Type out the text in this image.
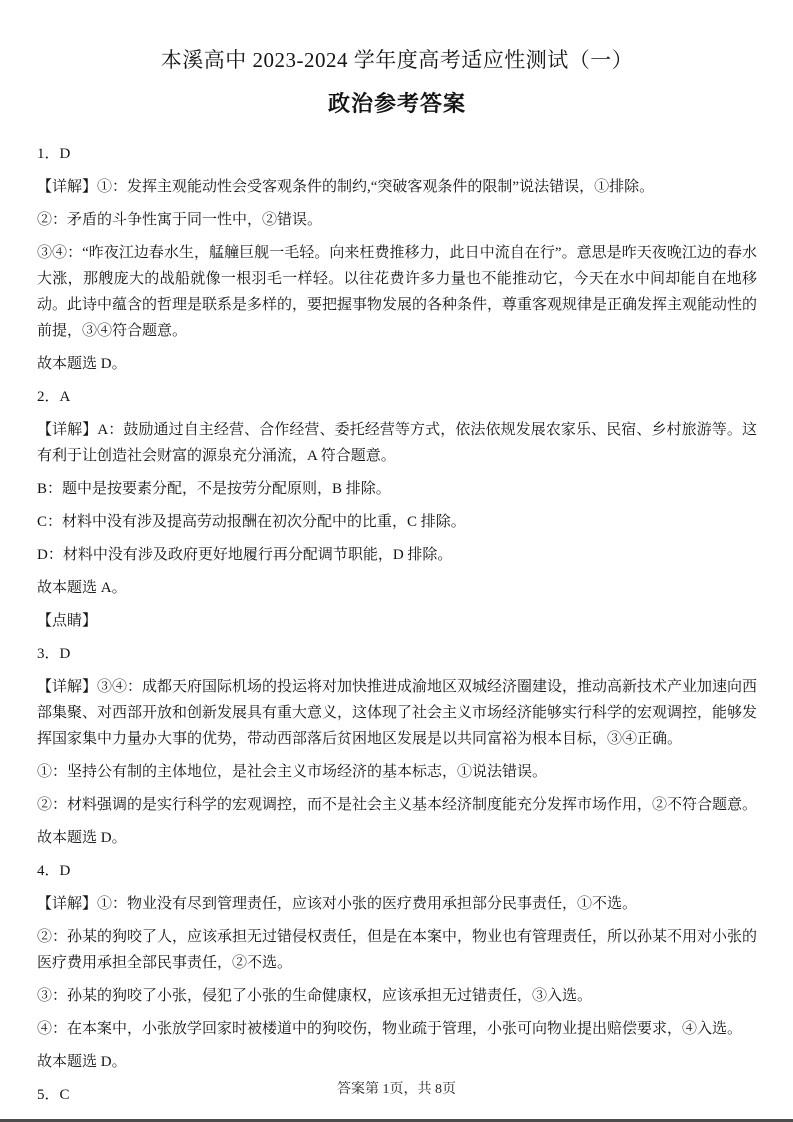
本溪高中 2023-2024 学年度高考适应性测试（一）
政治参考答案

1．D

【详解】①：发挥主观能动性会受客观条件的制约,“突破客观条件的限制”说法错误，①排除。

②：矛盾的斗争性寓于同一性中，②错误。

③④：“昨夜江边春水生，艋艟巨舰一毛轻。向来枉费推移力，此日中流自在行”。意思是昨天夜晚江边的春水大涨，那艘庞大的战船就像一根羽毛一样轻。以往花费许多力量也不能推动它，今天在水中间却能自在地移动。此诗中蕴含的哲理是联系是多样的，要把握事物发展的各种条件，尊重客观规律是正确发挥主观能动性的前提，③④符合题意。

故本题选 D。

2．A

【详解】A：鼓励通过自主经营、合作经营、委托经营等方式，依法依规发展农家乐、民宿、乡村旅游等。这有利于让创造社会财富的源泉充分涌流，A 符合题意。

B：题中是按要素分配，不是按劳分配原则，B 排除。

C：材料中没有涉及提高劳动报酬在初次分配中的比重，C 排除。

D：材料中没有涉及政府更好地履行再分配调节职能，D 排除。

故本题选 A。

【点睛】

3．D

【详解】③④：成都天府国际机场的投运将对加快推进成渝地区双城经济圈建设，推动高新技术产业加速向西部集聚、对西部开放和创新发展具有重大意义，这体现了社会主义市场经济能够实行科学的宏观调控，能够发挥国家集中力量办大事的优势，带动西部落后贫困地区发展是以共同富裕为根本目标，③④正确。

①：坚持公有制的主体地位，是社会主义市场经济的基本标志，①说法错误。

②：材料强调的是实行科学的宏观调控，而不是社会主义基本经济制度能充分发挥市场作用，②不符合题意。

故本题选 D。

4．D

【详解】①：物业没有尽到管理责任，应该对小张的医疗费用承担部分民事责任，①不选。

②：孙某的狗咬了人，应该承担无过错侵权责任，但是在本案中，物业也有管理责任，所以孙某不用对小张的医疗费用承担全部民事责任，②不选。

③：孙某的狗咬了小张，侵犯了小张的生命健康权，应该承担无过错责任，③入选。

④：在本案中，小张放学回家时被楼道中的狗咬伤，物业疏于管理，小张可向物业提出赔偿要求，④入选。

故本题选 D。

5．C	答案第 1页，共 8页
